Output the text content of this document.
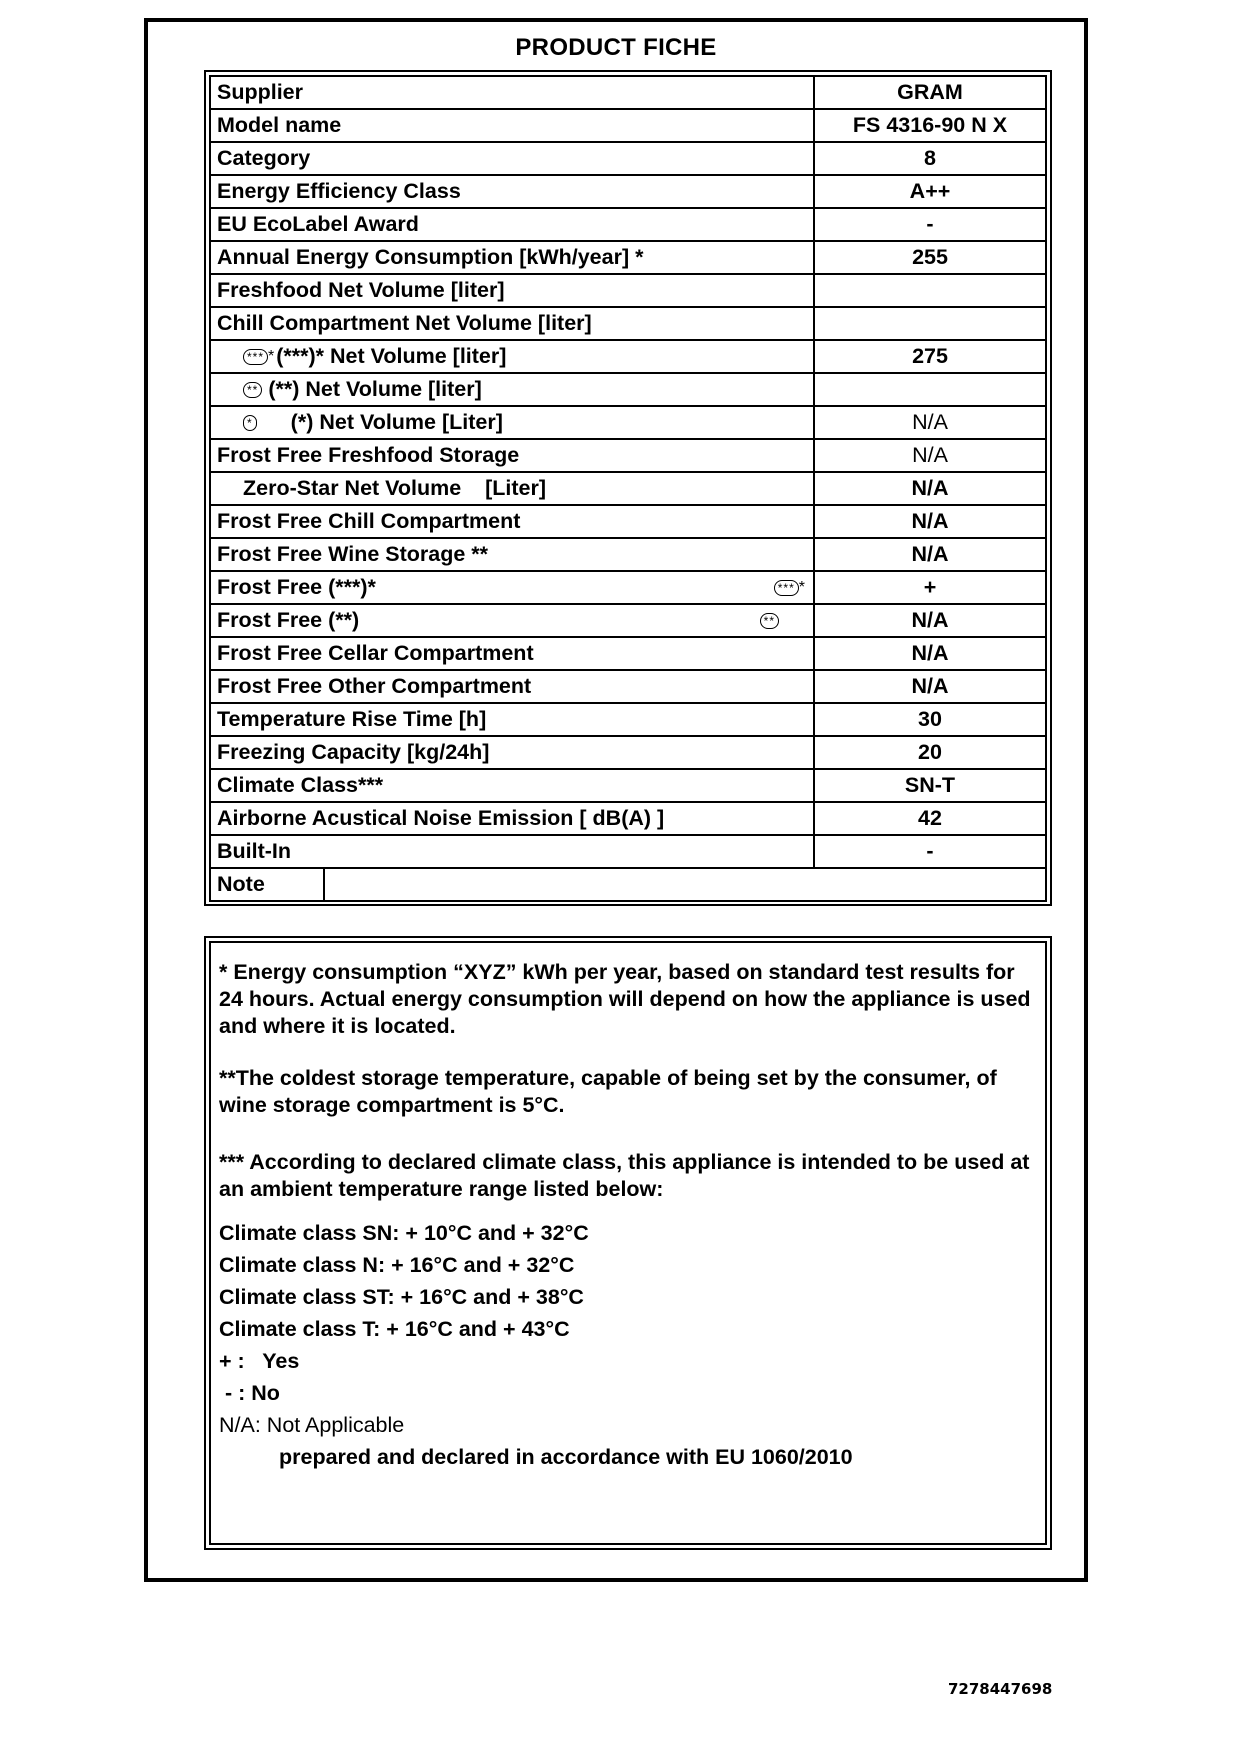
PRODUCT FICHE
Supplier	GRAM
Model name	FS 4316-90 N X
Category	8
Energy Efficiency Class	A++
EU EcoLabel Award	-
Annual Energy Consumption [kWh/year] *	255
Freshfood Net Volume [liter]	
Chill Compartment Net Volume [liter]	
*** *(***)* Net Volume [liter]	275
** (**) Net Volume [liter]	
* (*) Net Volume [Liter]	N/A
Frost Free Freshfood Storage	N/A
Zero-Star Net Volume    [Liter]	N/A
Frost Free Chill Compartment	N/A
Frost Free Wine Storage **	N/A

Frost Free (***)* *** *	+

Frost Free (**) **	N/A
Frost Free Cellar Compartment	N/A
Frost Free Other Compartment	N/A
Temperature Rise Time [h]	30
Freezing Capacity [kg/24h]	20
Climate Class***	SN-T
Airborne Acustical Noise Emission [ dB(A) ]	42
Built-In	-
Note	

* Energy consumption “XYZ” kWh per year, based on standard test results for 24 hours. Actual energy consumption will depend on how the appliance is used and where it is located.

**The coldest storage temperature, capable of being set by the consumer, of wine storage compartment is 5°C.

*** According to declared climate class, this appliance is intended to be used at an ambient temperature range listed below:

Climate class SN: + 10°C and + 32°C
Climate class N: + 16°C and + 32°C
Climate class ST: + 16°C and + 38°C
Climate class T: + 16°C and + 43°C
+ :   Yes
- : No
N/A: Not Applicable
prepared and declared in accordance with EU 1060/2010
7278447698
